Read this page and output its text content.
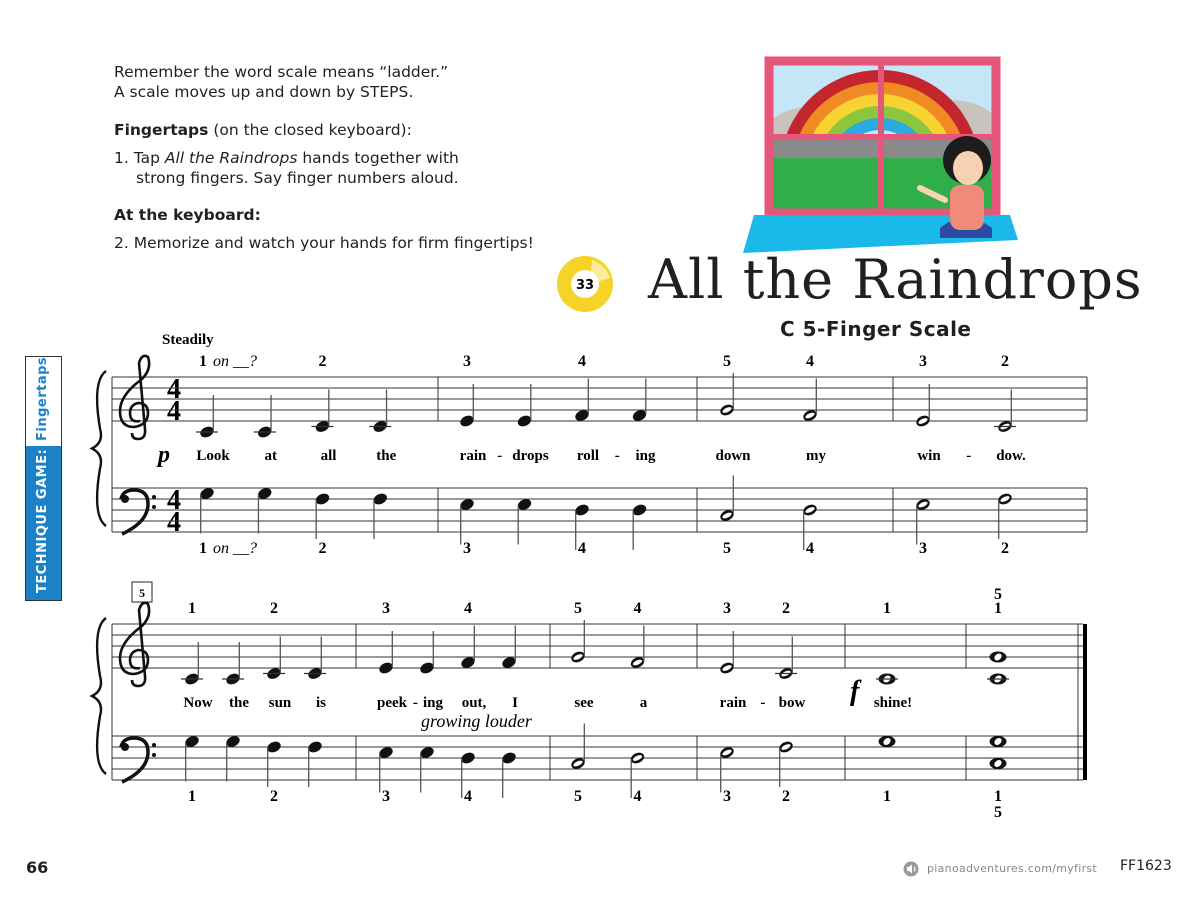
Remember the word scale means “ladder.”
A scale moves up and down by STEPS.
Fingertaps (on the closed keyboard):
1. Tap All the Raindrops hands together with
strong fingers. Say finger numbers aloud.
At the keyboard:
2. Memorize and watch your hands for firm fingertips!
Fingertaps
TECHNIQUE GAME:
33 All the Raindrops
C 5-Finger Scale
Steadily
5
p
f
growing louder
4
4
4
4
1 on __?	2
1 on __?	2
Look at	all	the
3	4
3	4
rain drops roll ing
-	-
5	4
5	4
down	my
3	2
3	2
win	dow.
-
1	2
1	2
Now the sun is
3	4
3	4
peek ing out, I
-
5	4
5	4
see	a
3	2
3	2
rain bow
-
1
1
shine!
5
1
1
5
66	pianoadventures.com/myfirst FF1623
